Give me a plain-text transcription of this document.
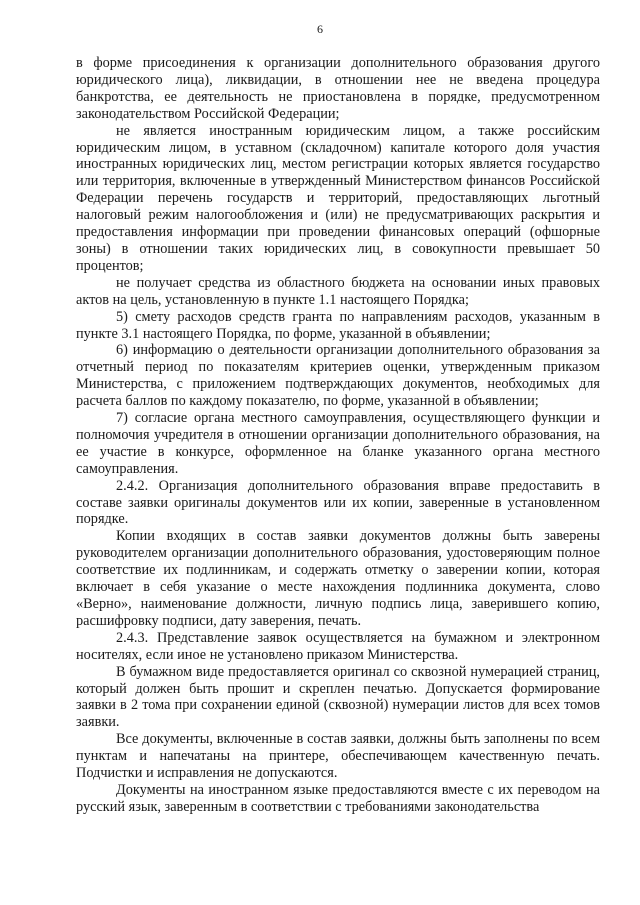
6

в форме присоединения к организации дополнительного образования другого юридического лица), ликвидации, в отношении нее не введена процедура банкротства, ее деятельность не приостановлена в порядке, предусмотренном законодательством Российской Федерации;

не является иностранным юридическим лицом, а также российским юридическим лицом, в уставном (складочном) капитале которого доля участия иностранных юридических лиц, местом регистрации которых является государство или территория, включенные в утвержденный Министерством финансов Российской Федерации перечень государств и территорий, предоставляющих льготный налоговый режим налогообложения и (или) не предусматривающих раскрытия и предоставления информации при проведении финансовых операций (офшорные зоны) в отношении таких юридических лиц, в совокупности превышает 50 процентов;

не получает средства из областного бюджета на основании иных правовых актов на цель, установленную в пункте 1.1 настоящего Порядка;

5) смету расходов средств гранта по направлениям расходов, указанным в пункте 3.1 настоящего Порядка, по форме, указанной в объявлении;

6) информацию о деятельности организации дополнительного образования за отчетный период по показателям критериев оценки, утвержденным приказом Министерства, с приложением подтверждающих документов, необходимых для расчета баллов по каждому показателю, по форме, указанной в объявлении;

7) согласие органа местного самоуправления, осуществляющего функции и полномочия учредителя в отношении организации дополнительного образования, на ее участие в конкурсе, оформленное на бланке указанного органа местного самоуправления.

2.4.2. Организация дополнительного образования вправе предоставить в составе заявки оригиналы документов или их копии, заверенные в установленном порядке.

Копии входящих в состав заявки документов должны быть заверены руководителем организации дополнительного образования, удостоверяющим полное соответствие их подлинникам, и содержать отметку о заверении копии, которая включает в себя указание о месте нахождения подлинника документа, слово «Верно», наименование должности, личную подпись лица, заверившего копию, расшифровку подписи, дату заверения, печать.

2.4.3. Представление заявок осуществляется на бумажном и электронном носителях, если иное не установлено приказом Министерства.

В бумажном виде предоставляется оригинал со сквозной нумерацией страниц, который должен быть прошит и скреплен печатью. Допускается формирование заявки в 2 тома при сохранении единой (сквозной) нумерации листов для всех томов заявки.

Все документы, включенные в состав заявки, должны быть заполнены по всем пунктам и напечатаны на принтере, обеспечивающем качественную печать. Подчистки и исправления не допускаются.

Документы на иностранном языке предоставляются вместе с их переводом на русский язык, заверенным в соответствии с требованиями законодательства
